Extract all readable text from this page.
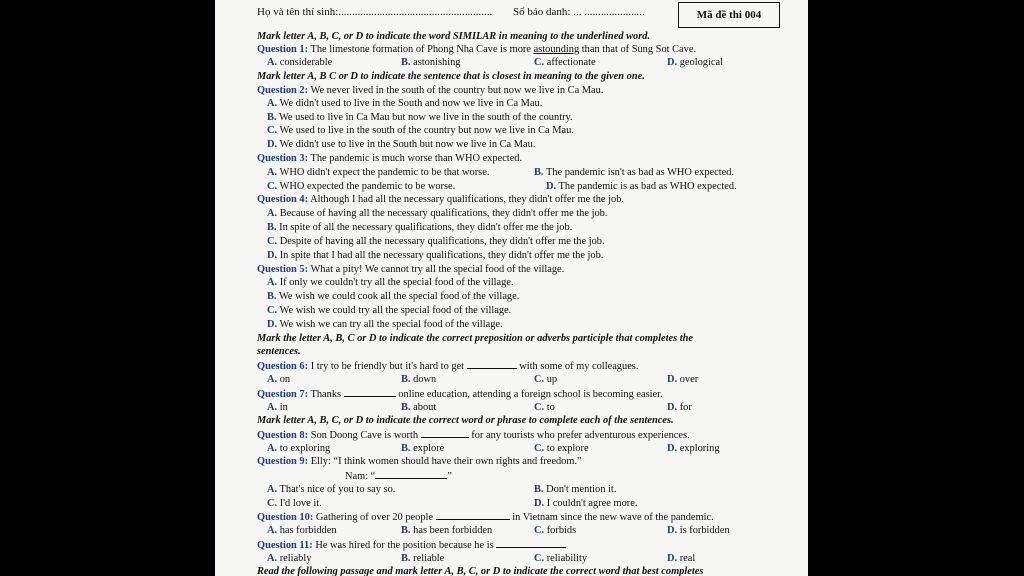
Họ và tên thí sinh:........................................................ Số báo danh: ... ......................	Mã đề thi 004
Mark letter A, B, C, or D to indicate the word SIMILAR in meaning to the underlined word.
Question 1: The limestone formation of Phong Nha Cave is more astounding than that of Sung Sot Cave.
A. considerable	B. astonishing	C. affectionate	D. geological
Mark letter A, B C or D to indicate the sentence that is closest in meaning to the given one.
Question 2: We never lived in the south of the country but now we live in Ca Mau.
A. We didn't used to live in the South and now we live in Ca Mau.
B. We used to live in Ca Mau but now we live in the south of the country.
C. We used to live in the south of the country but now we live in Ca Mau.
D. We didn't use to live in the South but now we live in Ca Mau.
Question 3: The pandemic is much worse than WHO expected.
A. WHO didn't expect the pandemic to be that worse.	B. The pandemic isn't as bad as WHO expected.
C. WHO expected the pandemic to be worse.	D. The pandemic is as bad as WHO expected.
Question 4: Although I had all the necessary qualifications, they didn't offer me the job.
A. Because of having all the necessary qualifications, they didn't offer me the job.
B. In spite of all the necessary qualifications, they didn't offer me the job.
C. Despite of having all the necessary qualifications, they didn't offer me the job.
D. In spite that I had all the necessary qualifications, they didn't offer me the job.
Question 5: What a pity! We cannot try all the special food of the village.
A. If only we couldn't try all the special food of the village.
B. We wish we could cook all the special food of the village.
C. We wish we could try all the special food of the village.
D. We wish we can try all the special food of the village.
Mark the letter A, B, C or D to indicate the correct preposition or adverbs participle that completes the
sentences.
Question 6: I try to be friendly but it's hard to get	with some of my colleagues.
A. on	B. down	C. up	D. over
Question 7: Thanks	online education, attending a foreign school is becoming easier.
A. in	B. about	C. to	D. for
Mark letter A, B, C, or D to indicate the correct word or phrase to complete each of the sentences.
Question 8: Son Doong Cave is worth	for any tourists who prefer adventurous experiences.
A. to exploring	B. explore	C. to explore	D. exploring
Question 9: Elly: “I think women should have their own rights and freedom.”
Nam: “	”
A. That's nice of you to say so.	B. Don't mention it.
C. I'd love it.	D. I couldn't agree more.
Question 10: Gathering of over 20 people	in Vietnam since the new wave of the pandemic.
A. has forbidden	B. has been forbidden	C. forbids	D. is forbidden
Question 11: He was hired for the position because he is
A. reliably	B. reliable	C. reliability	D. real
Read the following passage and mark letter A, B, C, or D to indicate the correct word that best completes
